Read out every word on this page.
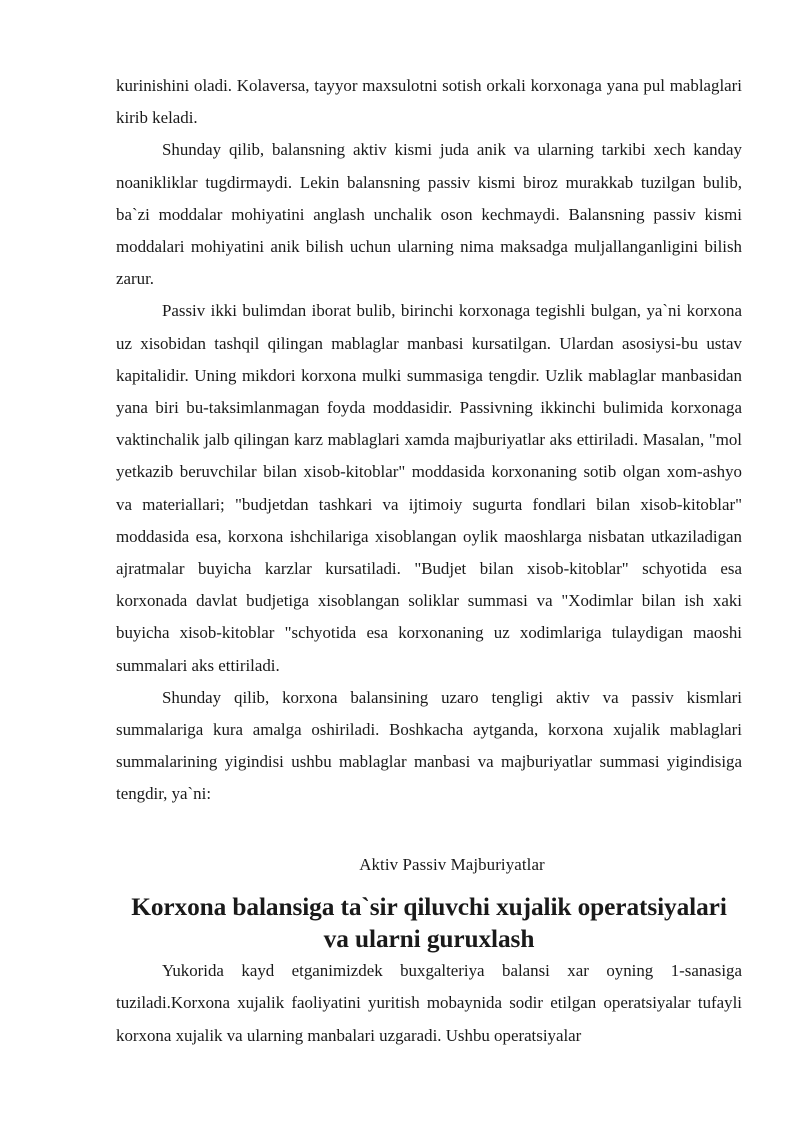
kurinishini oladi. Kolaversa, tayyor maxsulotni sotish orkali korxonaga yana pul mablaglari kirib keladi.

Shunday qilib, balansning aktiv kismi juda anik va ularning tarkibi xech kanday noanikliklar tugdirmaydi. Lekin balansning passiv kismi biroz murakkab tuzilgan bulib, ba`zi moddalar mohiyatini anglash unchalik oson kechmaydi. Balansning passiv kismi moddalari mohiyatini anik bilish uchun ularning nima maksadga muljallanganligini bilish zarur.

Passiv ikki bulimdan iborat bulib, birinchi korxonaga tegishli bulgan, ya`ni korxona uz xisobidan tashqil qilingan mablaglar manbasi kursatilgan. Ulardan asosiysi-bu ustav kapitalidir. Uning mikdori korxona mulki summasiga tengdir. Uzlik mablaglar manbasidan yana biri bu-taksimlanmagan foyda moddasidir. Passivning ikkinchi bulimida korxonaga vaktinchalik jalb qilingan karz mablaglari xamda majburiyatlar aks ettiriladi. Masalan, "mol yetkazib beruvchilar bilan xisob-kitoblar" moddasida korxonaning sotib olgan xom-ashyo va materiallari; "budjetdan tashkari va ijtimoiy sugurta fondlari bilan xisob-kitoblar" moddasida esa, korxona ishchilariga xisoblangan oylik maoshlarga nisbatan utkaziladigan ajratmalar buyicha karzlar kursatiladi. "Budjet bilan xisob-kitoblar" schyotida esa korxonada davlat budjetiga xisoblangan soliklar summasi va "Xodimlar bilan ish xaki buyicha xisob-kitoblar "schyotida esa korxonaning uz xodimlariga tulaydigan maoshi summalari aks ettiriladi.

Shunday qilib, korxona balansining uzaro tengligi aktiv va passiv kismlari summalariga kura amalga oshiriladi. Boshkacha aytganda, korxona xujalik mablaglari summalarining yigindisi ushbu mablaglar manbasi va majburiyatlar summasi yigindisiga tengdir, ya`ni:

Aktiv Passiv Majburiyatlar

Korxona balansiga ta`sir qiluvchi xujalik operatsiyalari va ularni guruxlash

Yukorida kayd etganimizdek buxgalteriya balansi xar oyning 1-sanasiga tuziladi.Korxona xujalik faoliyatini yuritish mobaynida sodir etilgan operatsiyalar tufayli korxona xujalik va ularning manbalari uzgaradi. Ushbu operatsiyalar
